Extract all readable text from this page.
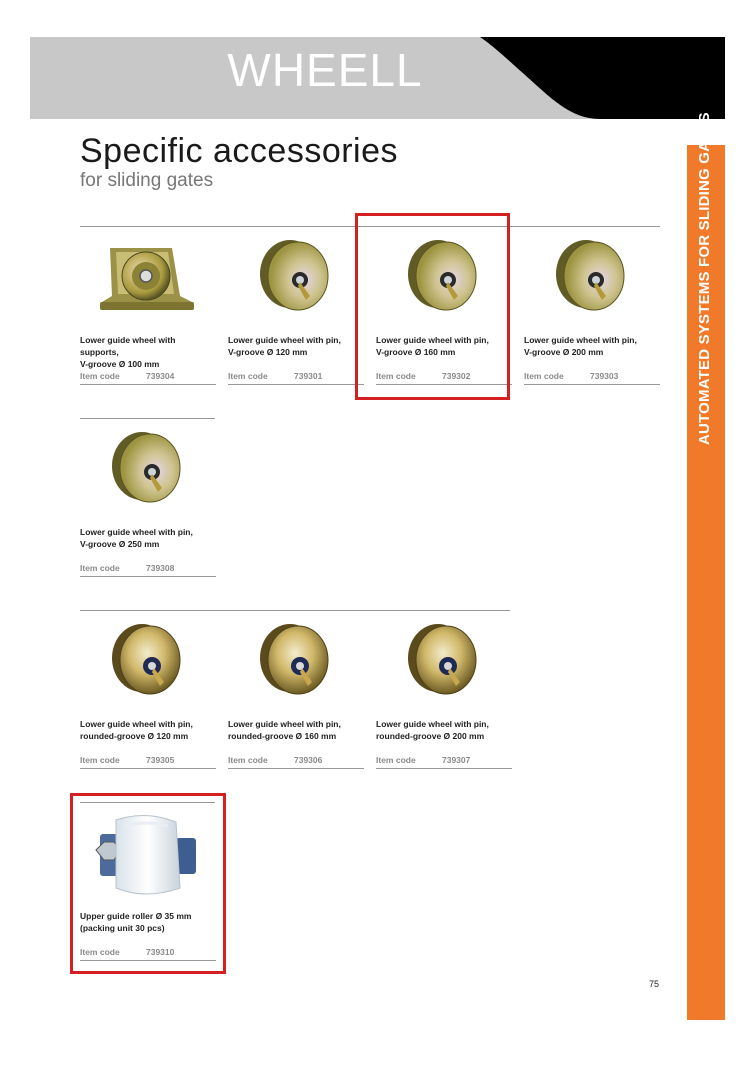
WHEELL
Specific accessories
for sliding gates	AUTOMATED SYSTEMS FOR SLIDING GATES
Lower guide wheel with supports,
V-groove Ø 100 mm
Item code	739304
Lower guide wheel with pin,
V-groove Ø 120 mm
Item code	739301
Lower guide wheel with pin,
V-groove Ø 160 mm
Item code	739302
Lower guide wheel with pin,
V-groove Ø 200 mm
Item code	739303
Lower guide wheel with pin,
V-groove Ø 250 mm
Item code	739308
Lower guide wheel with pin,
rounded-groove Ø 120 mm
Item code	739305
Lower guide wheel with pin,
rounded-groove Ø 160 mm
Item code	739306
Lower guide wheel with pin,
rounded-groove Ø 200 mm
Item code	739307
Upper guide roller Ø 35 mm
(packing unit 30 pcs)
Item code	739310
75
